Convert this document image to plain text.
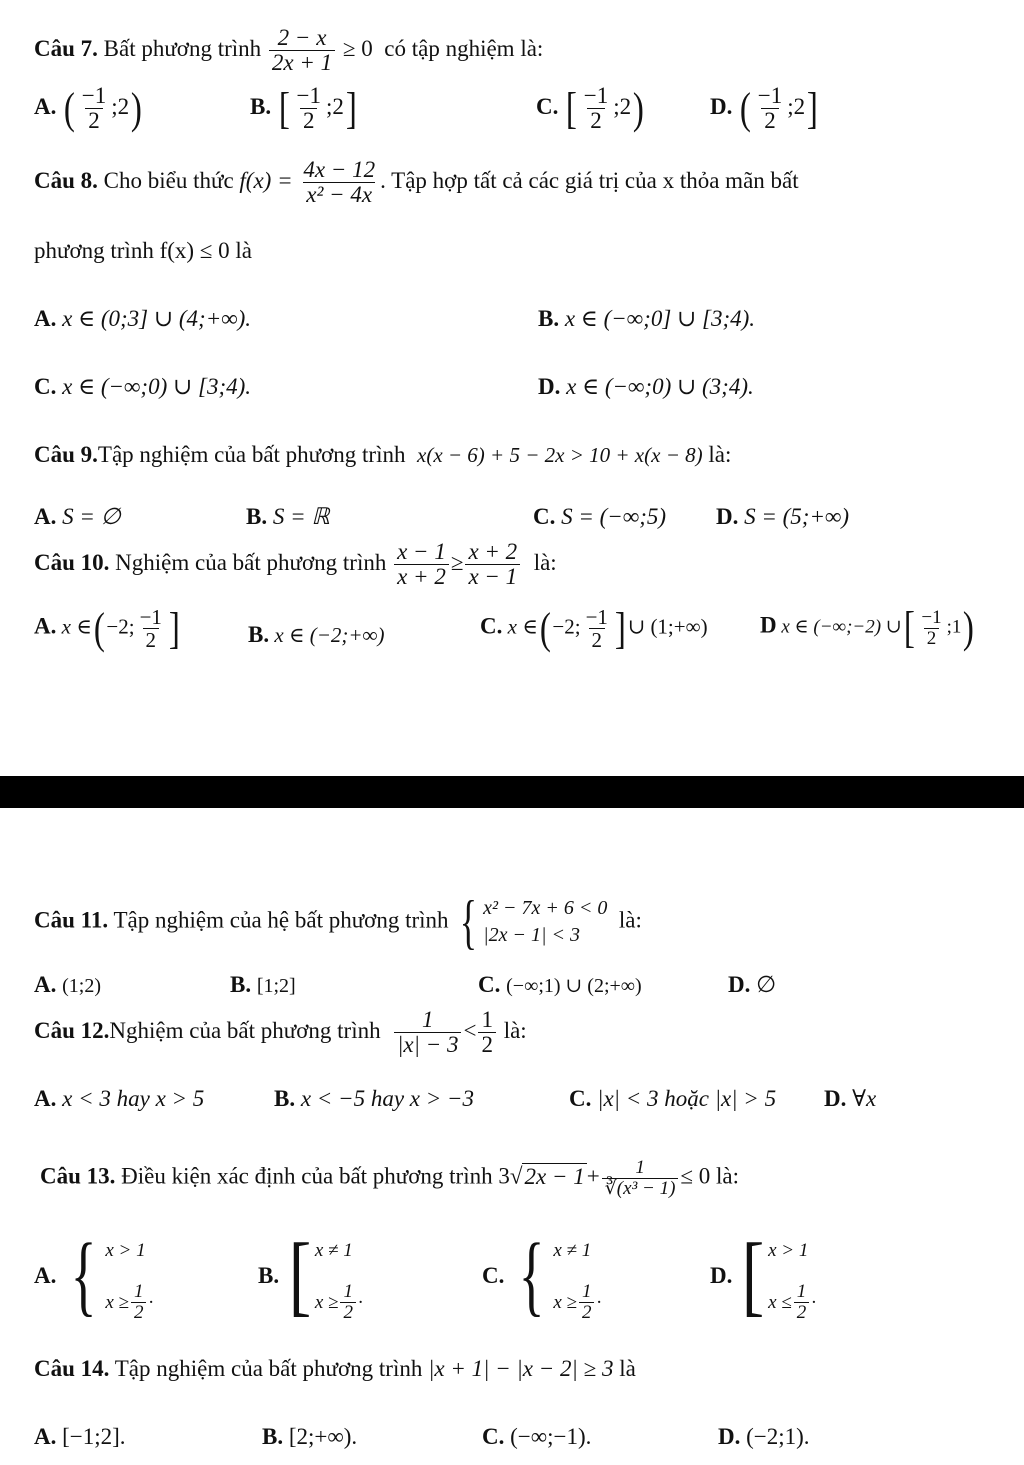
Câu 7. Bất phương trình $\frac{2 - x}{2x + 1} \ge 0$ có tập nghiệm là:
A. ( $\frac{-1}{2}$ ;2)	B. [ $\frac{-1}{2}$ ;2]	C. [ $\frac{-1}{2}$ ;2)	D. ( $\frac{-1}{2}$ ;2]
Câu 8. Cho biểu thức $f(x) = \frac{4x - 12}{\text{x² − 4x}}$ . Tập hợp tất cả các giá trị của x thỏa mãn bất
phương trình f(x) ≤ 0 là
A. x ∈ (0;3] ∪ (4;+∞).	B. x ∈ (−∞;0] ∪ [3;4).
C. x ∈ (−∞;0) ∪ [3;4).	D. x ∈ (−∞;0) ∪ (3;4).
Câu 9.Tập nghiệm của bất phương trình x(x − 6) + 5 − 2x > 10 + x(x − 8) là:
A. S = ∅	B. S = ℝ	C. S = (−∞;5) D. S = (5;+∞)
Câu 10. Nghiệm của bất phương trình $\frac{x - 1}{x + 2} \ge \frac{x + 2}{x - 1}$ là:
A. x ∈(−2; $\frac{-1}{2}$ ]	B. x ∈ (−2;+∞)	C. x ∈(−2; $\frac{-1}{2}$ ]∪ (1;+∞) D x ∈ (−∞;−2) ∪[ $\frac{-1}{2}$ ;1)
Câu 11. Tập nghiệm của hệ bất phương trình { x² − 7x + 6 < 0
|2x − 1| < 3
là:
A. (1;2)	B. [1;2]	C. (−∞;1) ∪ (2;+∞)	D. ∅
Câu 12.Nghiệm của bất phương trình $\frac{1}{|x| - 3} < \frac{1}{2}$ là:
A. x < 3 hay x > 5	B. x < −5 hay x > −3	C. |x| < 3 hoặc |x| > 5 D. ∀x
Câu 13. Điều kiện xác định của bất phương trình $3√2x - 1+ \frac{1}{\text{∛(x³ − 1)}} \le 0$ là:
A. { x > 1
$x \ge \frac{1}{2}$ ·
B. [ x ≠ 1
$x \ge \frac{1}{2}$ ·
C. { x ≠ 1
$x \ge \frac{1}{2}$ ·
D. [ x > 1
$x \le \frac{1}{2}$ ·
Câu 14. Tập nghiệm của bất phương trình |x + 1| − |x − 2| ≥ 3 là
A. [−1;2].	B. [2;+∞).	C. (−∞;−1).	D. (−2;1).
